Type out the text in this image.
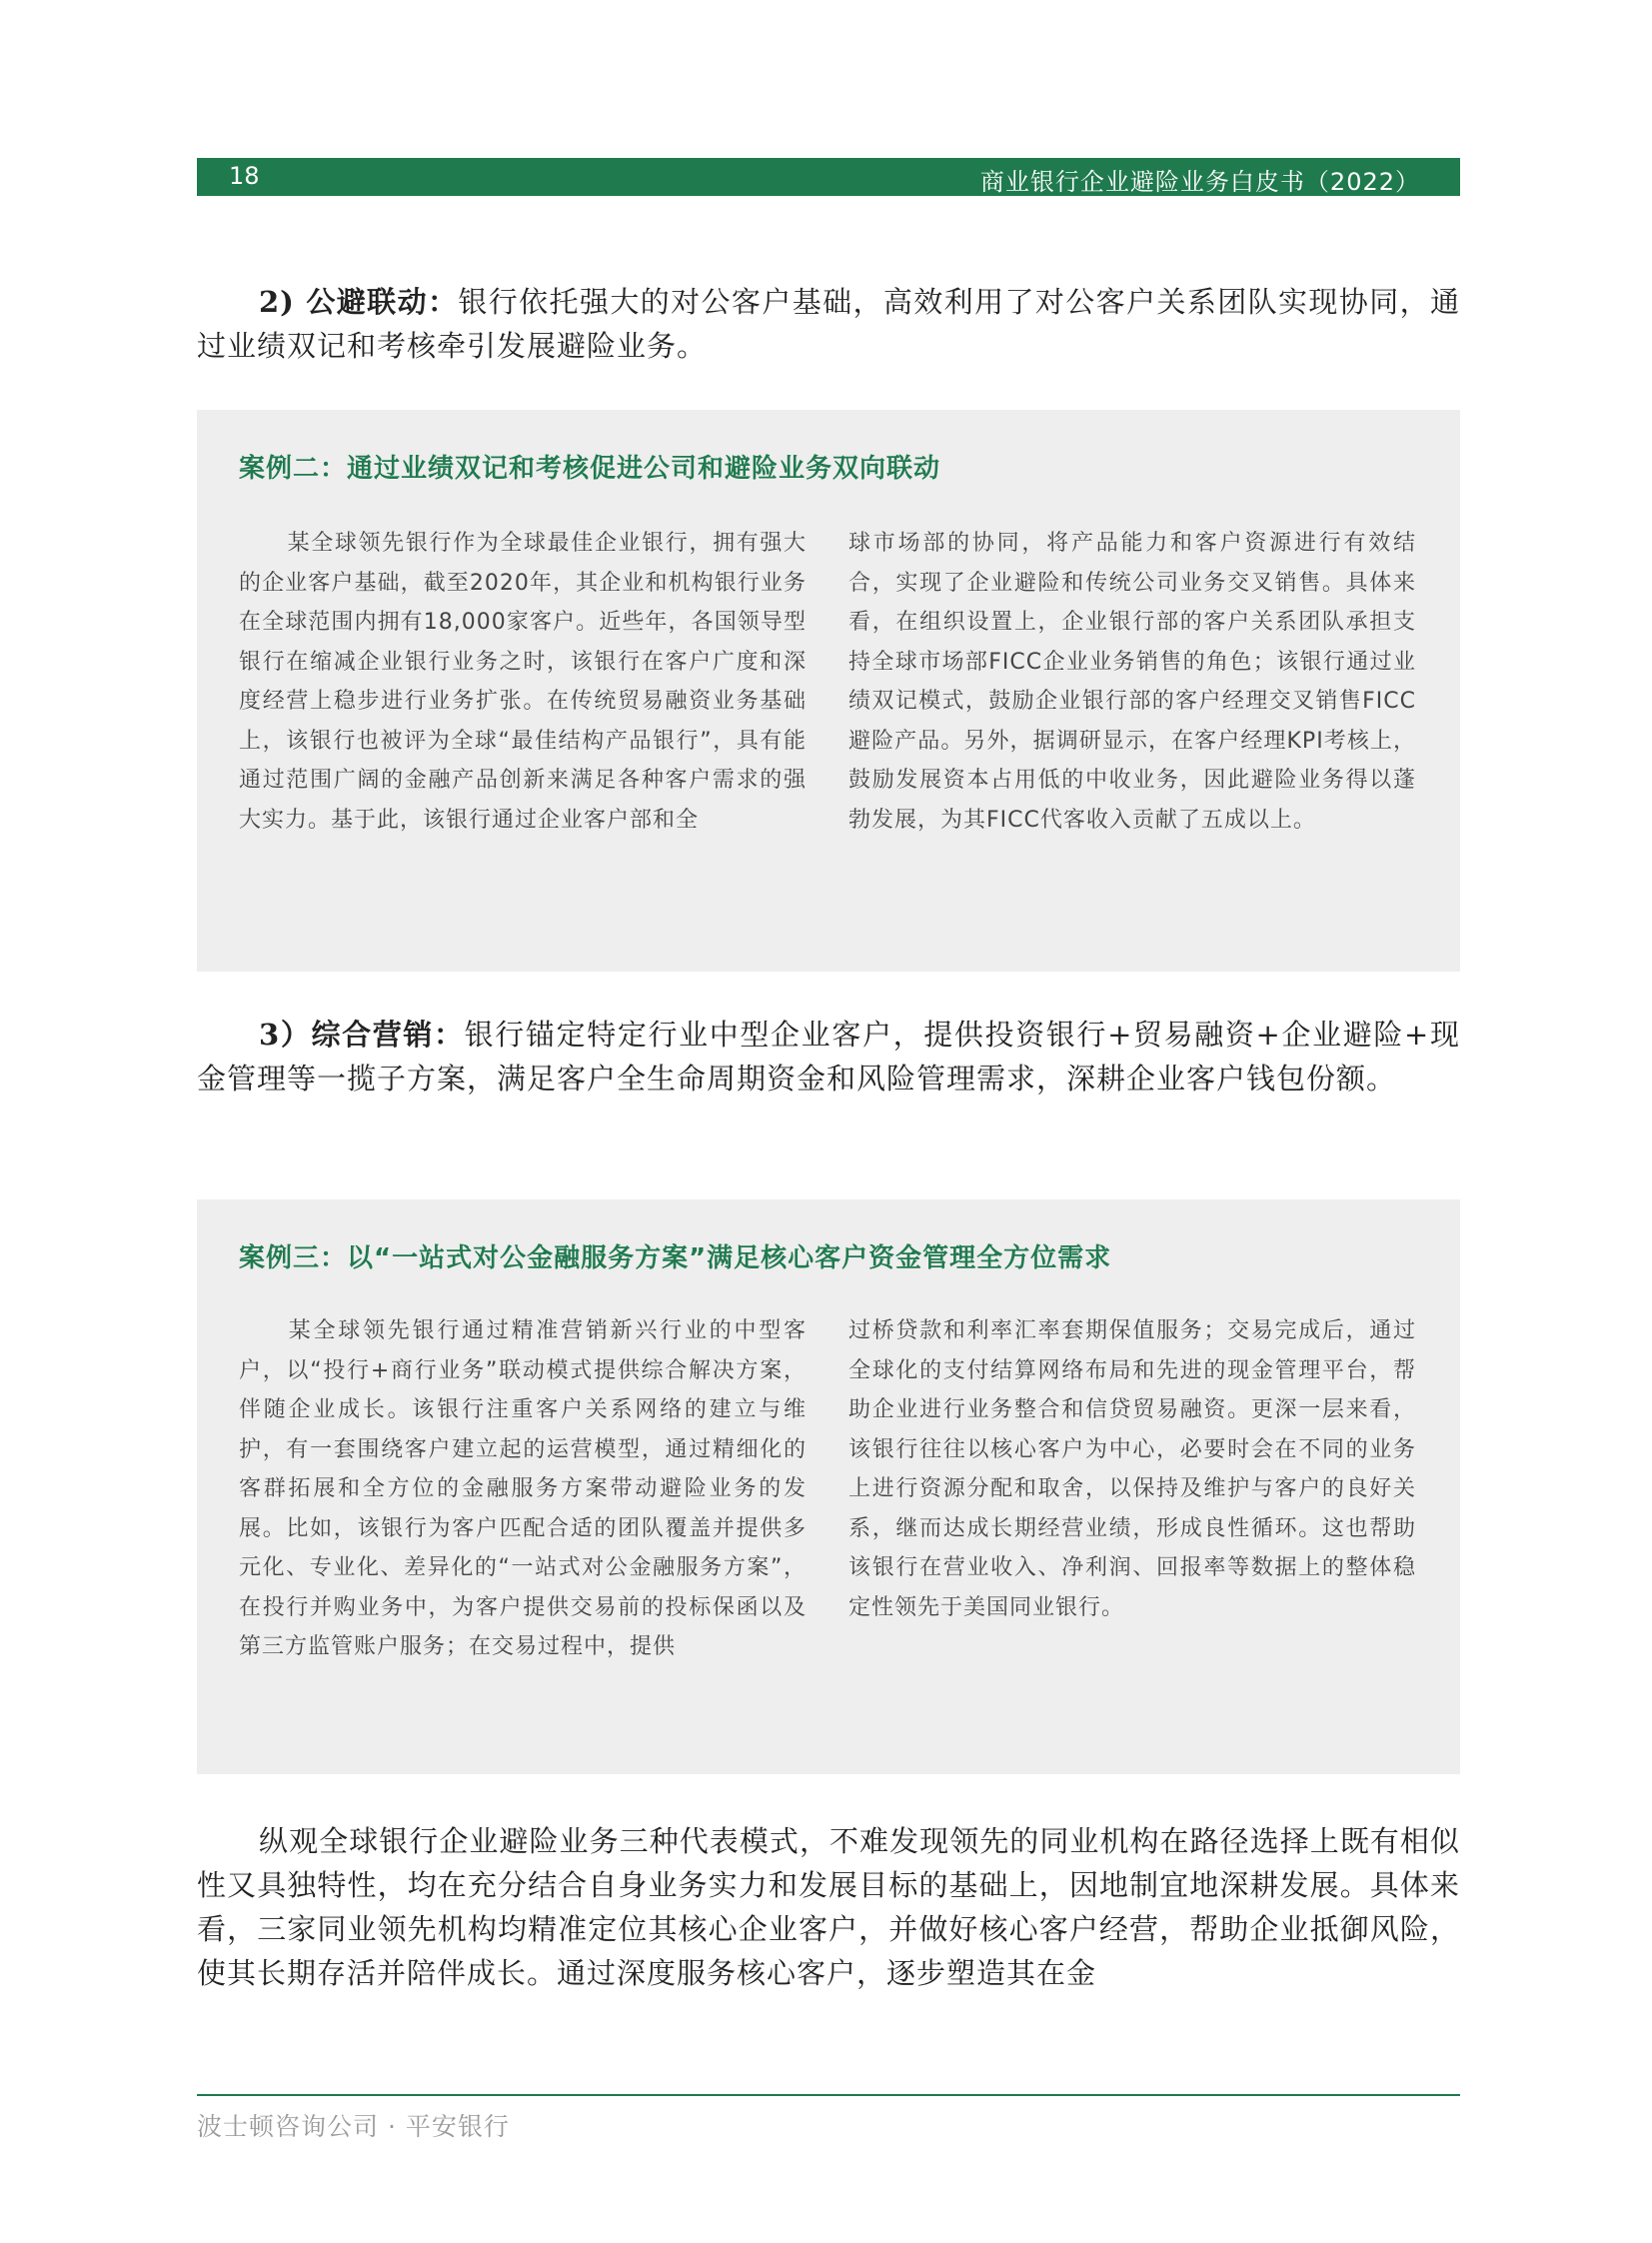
18	商业银行企业避险业务白皮书（2022）

2) 公避联动：银行依托强大的对公客户基础，高效利用了对公客户关系团队实现协同，通过业绩双记和考核牵引发展避险业务。

案例二：通过业绩双记和考核促进公司和避险业务双向联动

某全球领先银行作为全球最佳企业银行，拥有强大的企业客户基础，截至2020年，其企业和机构银行业务在全球范围内拥有18,000家客户。近些年，各国领导型银行在缩减企业银行业务之时，该银行在客户广度和深度经营上稳步进行业务扩张。在传统贸易融资业务基础上，该银行也被评为全球“最佳结构产品银行”，具有能通过范围广阔的金融产品创新来满足各种客户需求的强大实力。基于此，该银行通过企业客户部和全

球市场部的协同，将产品能力和客户资源进行有效结合，实现了企业避险和传统公司业务交叉销售。具体来看，在组织设置上，企业银行部的客户关系团队承担支持全球市场部FICC企业业务销售的角色；该银行通过业绩双记模式，鼓励企业银行部的客户经理交叉销售FICC避险产品。另外，据调研显示，在客户经理KPI考核上，鼓励发展资本占用低的中收业务，因此避险业务得以蓬勃发展，为其FICC代客收入贡献了五成以上。

3）综合营销：银行锚定特定行业中型企业客户，提供投资银行+贸易融资+企业避险+现金管理等一揽子方案，满足客户全生命周期资金和风险管理需求，深耕企业客户钱包份额。

案例三：以“一站式对公金融服务方案”满足核心客户资金管理全方位需求

某全球领先银行通过精准营销新兴行业的中型客户，以“投行+商行业务”联动模式提供综合解决方案，伴随企业成长。该银行注重客户关系网络的建立与维护，有一套围绕客户建立起的运营模型，通过精细化的客群拓展和全方位的金融服务方案带动避险业务的发展。比如，该银行为客户匹配合适的团队覆盖并提供多元化、专业化、差异化的“一站式对公金融服务方案”，在投行并购业务中，为客户提供交易前的投标保函以及第三方监管账户服务；在交易过程中，提供

过桥贷款和利率汇率套期保值服务；交易完成后，通过全球化的支付结算网络布局和先进的现金管理平台，帮助企业进行业务整合和信贷贸易融资。更深一层来看，该银行往往以核心客户为中心，必要时会在不同的业务上进行资源分配和取舍，以保持及维护与客户的良好关系，继而达成长期经营业绩，形成良性循环。这也帮助该银行在营业收入、净利润、回报率等数据上的整体稳定性领先于美国同业银行。

纵观全球银行企业避险业务三种代表模式，不难发现领先的同业机构在路径选择上既有相似性又具独特性，均在充分结合自身业务实力和发展目标的基础上，因地制宜地深耕发展。具体来看，三家同业领先机构均精准定位其核心企业客户，并做好核心客户经营，帮助企业抵御风险，使其长期存活并陪伴成长。通过深度服务核心客户，逐步塑造其在金

波士顿咨询公司 · 平安银行
